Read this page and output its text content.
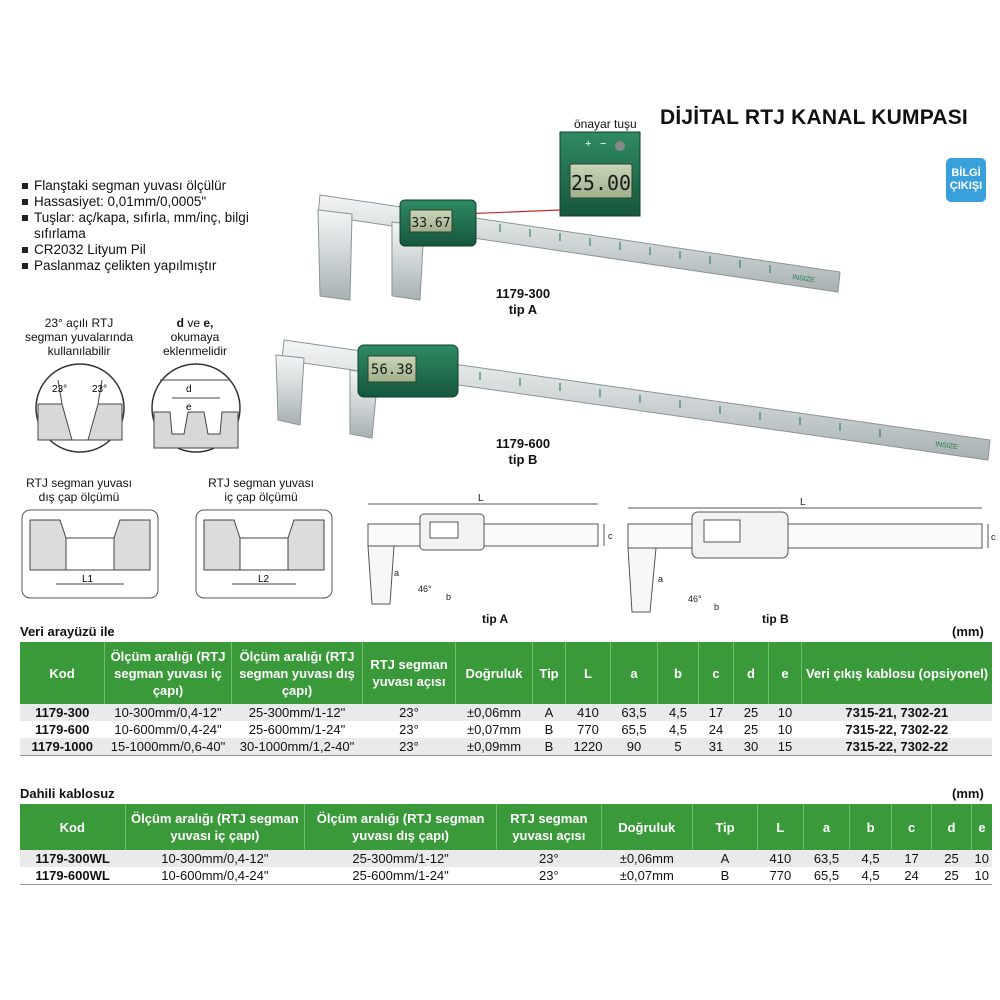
DİJİTAL RTJ KANAL KUMPASI
BİLGİ
ÇIKIŞI
Flanştaki segman yuvası ölçülür
Hassasiyet: 0,01mm/0,0005"
Tuşlar: aç/kapa, sıfırla, mm/inç, bilgi sıfırlama
CR2032 Lityum Pil
Paslanmaz çelikten yapılmıştır
23° açılı RTJ
segman yuvalarında
kullanılabilir
d ve e,
okumaya
eklenmelidir
RTJ segman yuvası
dış çap ölçümü
RTJ segman yuvası
iç çap ölçümü
+ −
25.00
INSIZE
33.67
INSIZE
56.38
23° 23°	d
e
L1	L2
L
c
a
46°
b
L
c
a
46°
b
önayar tuşu
1179-300
tip A
1179-600
tip B
tip A	tip B
Veri arayüzü ile	(mm)
Kod	Ölçüm aralığı (RTJ segman yuvası iç çapı)	Ölçüm aralığı (RTJ segman yuvası dış çapı)	RTJ segman yuvası açısı	Doğruluk	Tip	L	a	b	c	d	e	Veri çıkış kablosu (opsiyonel)
1179-300	10-300mm/0,4-12"	25-300mm/1-12"	23°	±0,06mm	A	410	63,5	4,5	17	25	10	7315-21, 7302-21
1179-600	10-600mm/0,4-24"	25-600mm/1-24"	23°	±0,07mm	B	770	65,5	4,5	24	25	10	7315-22, 7302-22
1179-1000	15-1000mm/0,6-40"	30-1000mm/1,2-40"	23°	±0,09mm	B	1220	90	5	31	30	15	7315-22, 7302-22
Dahili kablosuz	(mm)
Kod	Ölçüm aralığı (RTJ segman yuvası iç çapı)	Ölçüm aralığı (RTJ segman yuvası dış çapı)	RTJ segman yuvası açısı	Doğruluk	Tip	L	a	b	c	d	e
1179-300WL	10-300mm/0,4-12"	25-300mm/1-12"	23°	±0,06mm	A	410	63,5	4,5	17	25	10
1179-600WL	10-600mm/0,4-24"	25-600mm/1-24"	23°	±0,07mm	B	770	65,5	4,5	24	25	10
